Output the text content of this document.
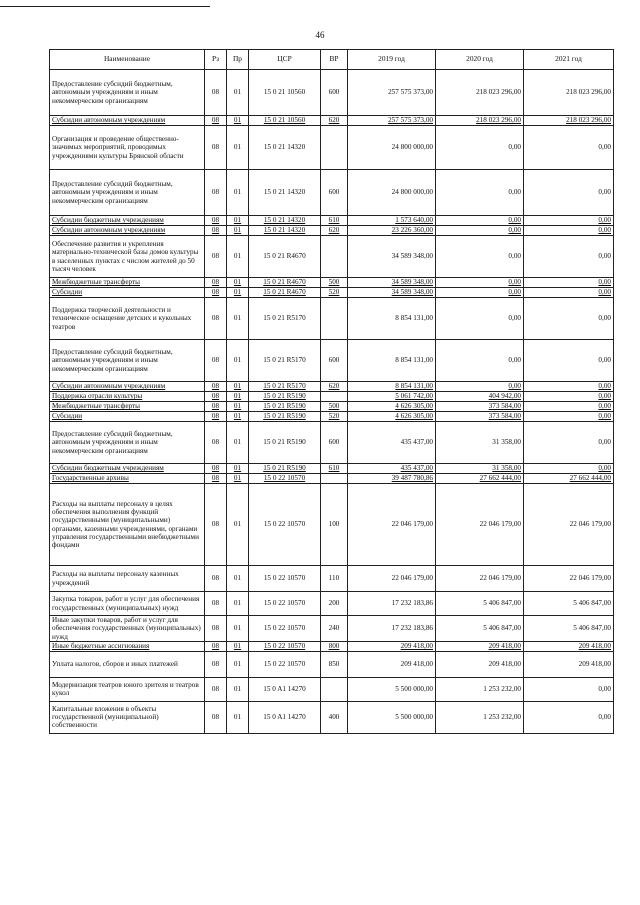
46
Наименование	Рз	Пр	ЦСР	ВР	2019 год	2020 год	2021 год
Предоставление субсидий бюджетным, автономным учреждениям и иным некоммерческим организациям	08	01	15 0 21 10560	600	257 575 373,00	218 023 296,00	218 023 296,00
Субсидии автономным учреждениям	08	01	15 0 21 10560	620	257 575 373,00	218 023 296,00	218 023 296,00
Организация и проведение общественно-значимых мероприятий, проводимых учреждениями культуры Брянской области	08	01	15 0 21 14320		24 800 000,00	0,00	0,00
Предоставление субсидий бюджетным, автономным учреждениям и иным некоммерческим организациям	08	01	15 0 21 14320	600	24 800 000,00	0,00	0,00
Субсидии бюджетным учреждениям	08	01	15 0 21 14320	610	1 573 640,00	0,00	0,00
Субсидии автономным учреждениям	08	01	15 0 21 14320	620	23 226 360,00	0,00	0,00
Обеспечение развития и укрепления материально-технической базы домов культуры в населенных пунктах с числом жителей до 50 тысяч человек	08	01	15 0 21 R4670		34 589 348,00	0,00	0,00
Межбюджетные трансферты	08	01	15 0 21 R4670	500	34 589 348,00	0,00	0,00
Субсидии	08	01	15 0 21 R4670	520	34 589 348,00	0,00	0,00
Поддержка творческой деятельности и техническое оснащение детских и кукольных театров	08	01	15 0 21 R5170		8 854 131,00	0,00	0,00
Предоставление субсидий бюджетным, автономным учреждениям и иным некоммерческим организациям	08	01	15 0 21 R5170	600	8 854 131,00	0,00	0,00
Субсидии автономным учреждениям	08	01	15 0 21 R5170	620	8 854 131,00	0,00	0,00
Поддержка отрасли культуры	08	01	15 0 21 R5190		5 061 742,00	404 942,00	0,00
Межбюджетные трансферты	08	01	15 0 21 R5190	500	4 626 305,00	373 584,00	0,00
Субсидии	08	01	15 0 21 R5190	520	4 626 305,00	373 584,00	0,00
Предоставление субсидий бюджетным, автономным учреждениям и иным некоммерческим организациям	08	01	15 0 21 R5190	600	435 437,00	31 358,00	0,00
Субсидии бюджетным учреждениям	08	01	15 0 21 R5190	610	435 437,00	31 358,00	0,00
Государственные архивы	08	01	15 0 22 10570		39 487 780,86	27 662 444,00	27 662 444,00
Расходы на выплаты персоналу в целях обеспечения выполнения функций государственными (муниципальными) органами, казенными учреждениями, органами управления государственными внебюджетными фондами	08	01	15 0 22 10570	100	22 046 179,00	22 046 179,00	22 046 179,00
Расходы на выплаты персоналу казенных учреждений	08	01	15 0 22 10570	110	22 046 179,00	22 046 179,00	22 046 179,00
Закупка товаров, работ и услуг для обеспечения государственных (муниципальных) нужд	08	01	15 0 22 10570	200	17 232 183,86	5 406 847,00	5 406 847,00
Иные закупки товаров, работ и услуг для обеспечения государственных (муниципальных) нужд	08	01	15 0 22 10570	240	17 232 183,86	5 406 847,00	5 406 847,00
Иные бюджетные ассигнования	08	01	15 0 22 10570	800	209 418,00	209 418,00	209 418,00
Уплата налогов, сборов и иных платежей	08	01	15 0 22 10570	850	209 418,00	209 418,00	209 418,00
Модернизация театров юного зрителя и театров кукол	08	01	15 0 A1 14270		5 500 000,00	1 253 232,00	0,00
Капитальные вложения в объекты государственной (муниципальной) собственности	08	01	15 0 A1 14270	400	5 500 000,00	1 253 232,00	0,00
